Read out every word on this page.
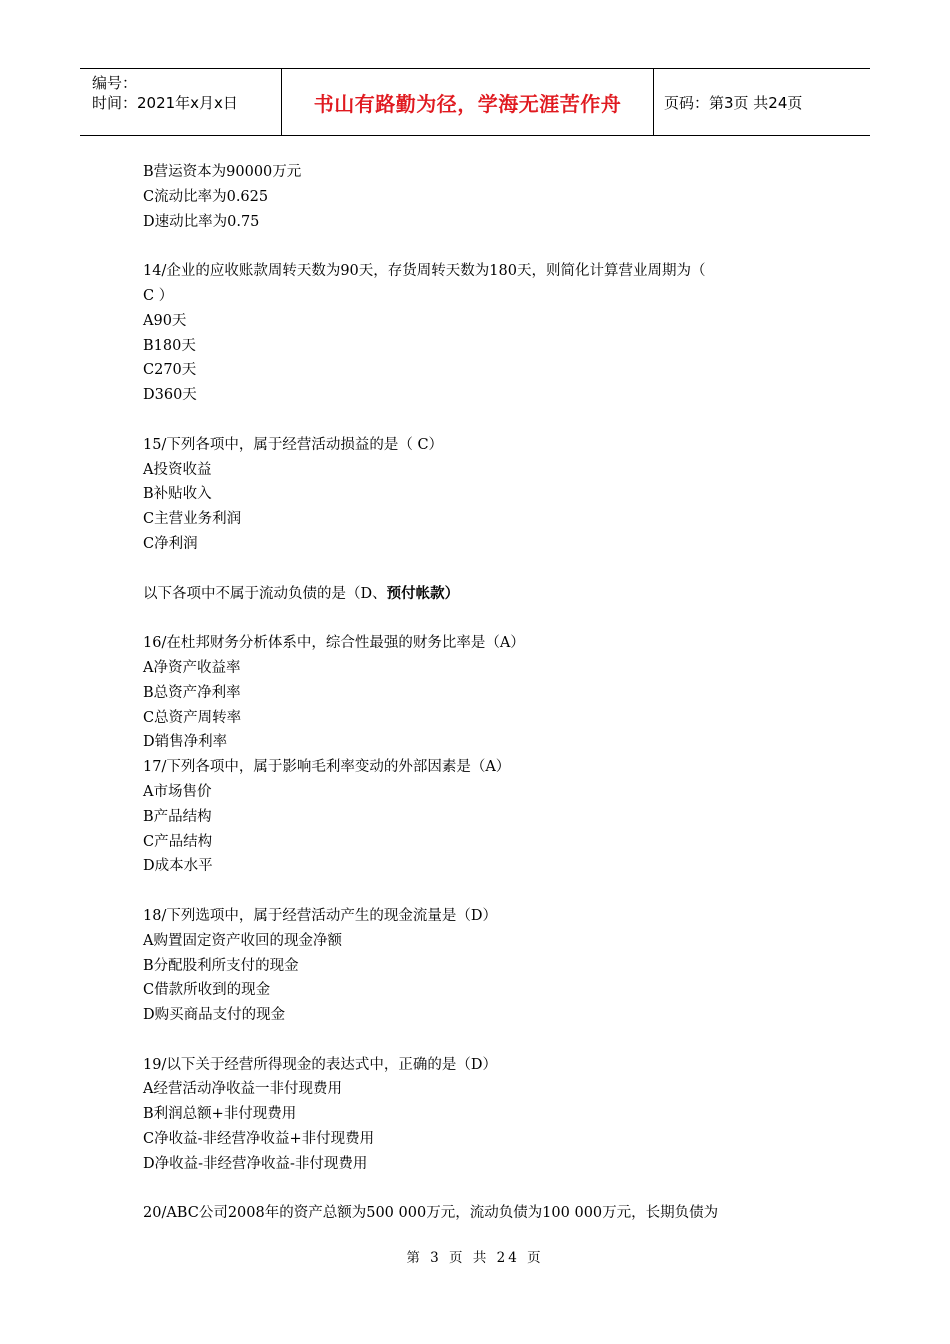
编号：
时间：2021年x月x日	书山有路勤为径，学海无涯苦作舟	页码：第3页 共24页

B营运资本为90000万元

C流动比率为0.625

D速动比率为0.75

14/企业的应收账款周转天数为90天，存货周转天数为180天，则简化计算营业周期为（

C ）

A90天

B180天

C270天

D360天

15/下列各项中，属于经营活动损益的是（ C）

A投资收益

B补贴收入

C主营业务利润

C净利润

以下各项中不属于流动负债的是（D、预付帐款）

16/在杜邦财务分析体系中，综合性最强的财务比率是（A）

A净资产收益率

B总资产净利率

C总资产周转率

D销售净利率

17/下列各项中，属于影响毛利率变动的外部因素是（A）

A市场售价

B产品结构

C产品结构

D成本水平

18/下列选项中，属于经营活动产生的现金流量是（D）

A购置固定资产收回的现金净额

B分配股利所支付的现金

C借款所收到的现金

D购买商品支付的现金

19/以下关于经营所得现金的表达式中，正确的是（D）

A经营活动净收益一非付现费用

B利润总额+非付现费用

C净收益-非经营净收益+非付现费用

D净收益-非经营净收益-非付现费用

20/ABC公司2008年的资产总额为500 000万元，流动负债为100 000万元，长期负债为

第 3 页 共 24 页
